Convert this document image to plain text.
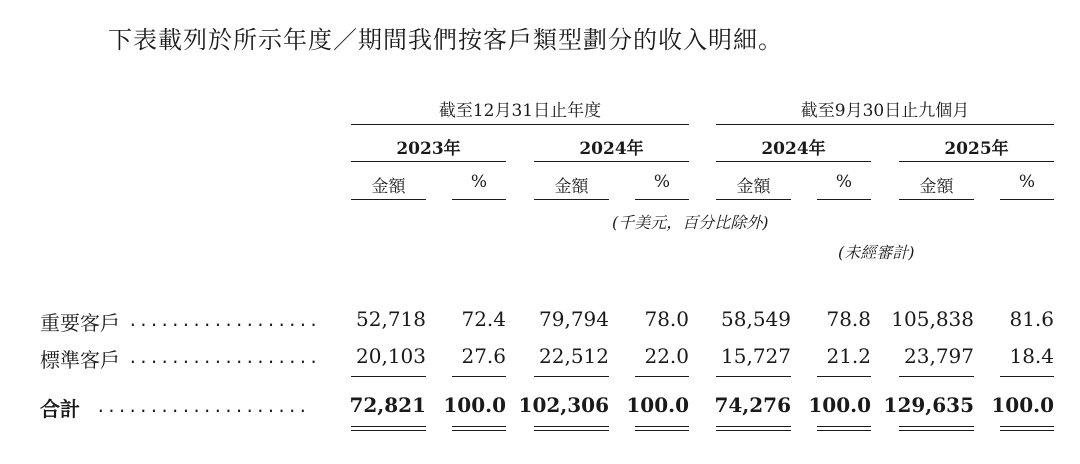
下表載列於所示年度／期間我們按客戶類型劃分的收入明細。
截至12月31日止年度	截至9月30日止九個月
2023年	2024年	2024年	2025年
金額	%	金額	%	金額	%	金額	%
(千美元，百分比除外)
(未經審計)
重要客戶 ..................	52,718	72.4	79,794	78.0	58,549	78.8	105,838	81.6
標準客戶 ..................	20,103	27.6	22,512	22.0	15,727	21.2	23,797	18.4
合計 ....................	72,821 100.0 102,306 100.0	74,276 100.0 129,635 100.0
